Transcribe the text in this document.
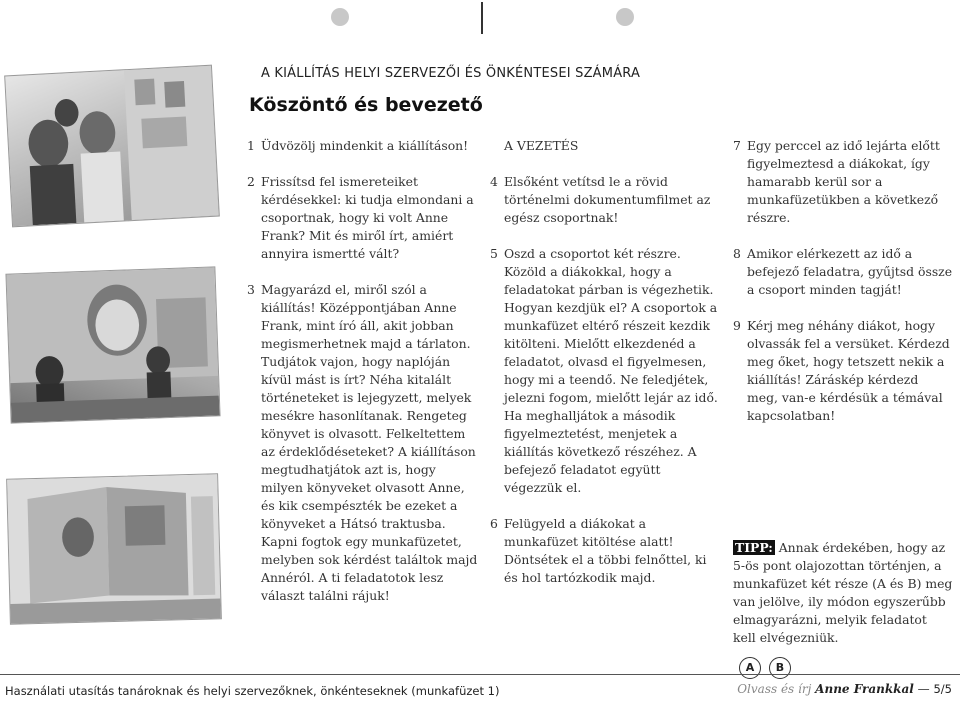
A KIÁLLÍTÁS HELYI SZERVEZŐI ÉS ÖNKÉNTESEI SZÁMÁRA
Köszöntő és bevezető
1 Üdvözölj mindenkit a kiállításon!
2 Frissítsd fel ismereteiket kérdésekkel: ki tudja elmondani a csoportnak, hogy ki volt Anne Frank? Mit és miről írt, amiért annyira ismertté vált?
3 Magyarázd el, miről szól a kiállítás! Középpontjában Anne Frank, mint író áll, akit jobban megismerhetnek majd a tárlaton. Tudjátok vajon, hogy naplóján kívül mást is írt? Néha kitalált történeteket is lejegyzett, melyek mesékre hasonlítanak. Rengeteg könyvet is olvasott. Felkeltettem az érdeklődéseteket? A kiállításon megtudhatjátok azt is, hogy milyen könyveket olvasott Anne, és kik csempészték be ezeket a könyveket a Hátsó traktusba. Kapni fogtok egy munkafüzetet, melyben sok kérdést találtok majd Annéról. A ti feladatotok lesz választ találni rájuk!
A VEZETÉS
4 Elsőként vetítsd le a rövid történelmi dokumentumfilmet az egész csoportnak!
5 Oszd a csoportot két részre. Közöld a diákokkal, hogy a feladatokat párban is végezhetik. Hogyan kezdjük el? A csoportok a munkafüzet eltérő részeit kezdik kitölteni. Mielőtt elkezdenéd a feladatot, olvasd el figyelmesen, hogy mi a teendő. Ne feledjétek, jelezni fogom, mielőtt lejár az idő. Ha meghalljátok a második figyelmeztetést, menjetek a kiállítás következő részéhez. A befejező feladatot együtt végezzük el.
6 Felügyeld a diákokat a munkafüzet kitöltése alatt! Döntsétek el a többi felnőttel, ki és hol tartózkodik majd.
7 Egy perccel az idő lejárta előtt figyelmeztesd a diákokat, így hamarabb kerül sor a munkafüzetükben a következő részre.
8 Amikor elérkezett az idő a befejező feladatra, gyűjtsd össze a csoport minden tagját!
9 Kérj meg néhány diákot, hogy olvassák fel a versüket. Kérdezd meg őket, hogy tetszett nekik a kiállítás! Záráskép kérdezd meg, van-e kérdésük a témával kapcsolatban!
TIPP: Annak érdekében, hogy az 5-ös pont olajozottan történjen, a munkafüzet két része (A és B) meg van jelölve, ily módon egyszerűbb elmagyarázni, melyik feladatot kell elvégezniük.
A	B
Használati utasítás tanároknak és helyi szervezőknek, önkénteseknek (munkafüzet 1)	Olvass és írj Anne Frankkal — 5/5
